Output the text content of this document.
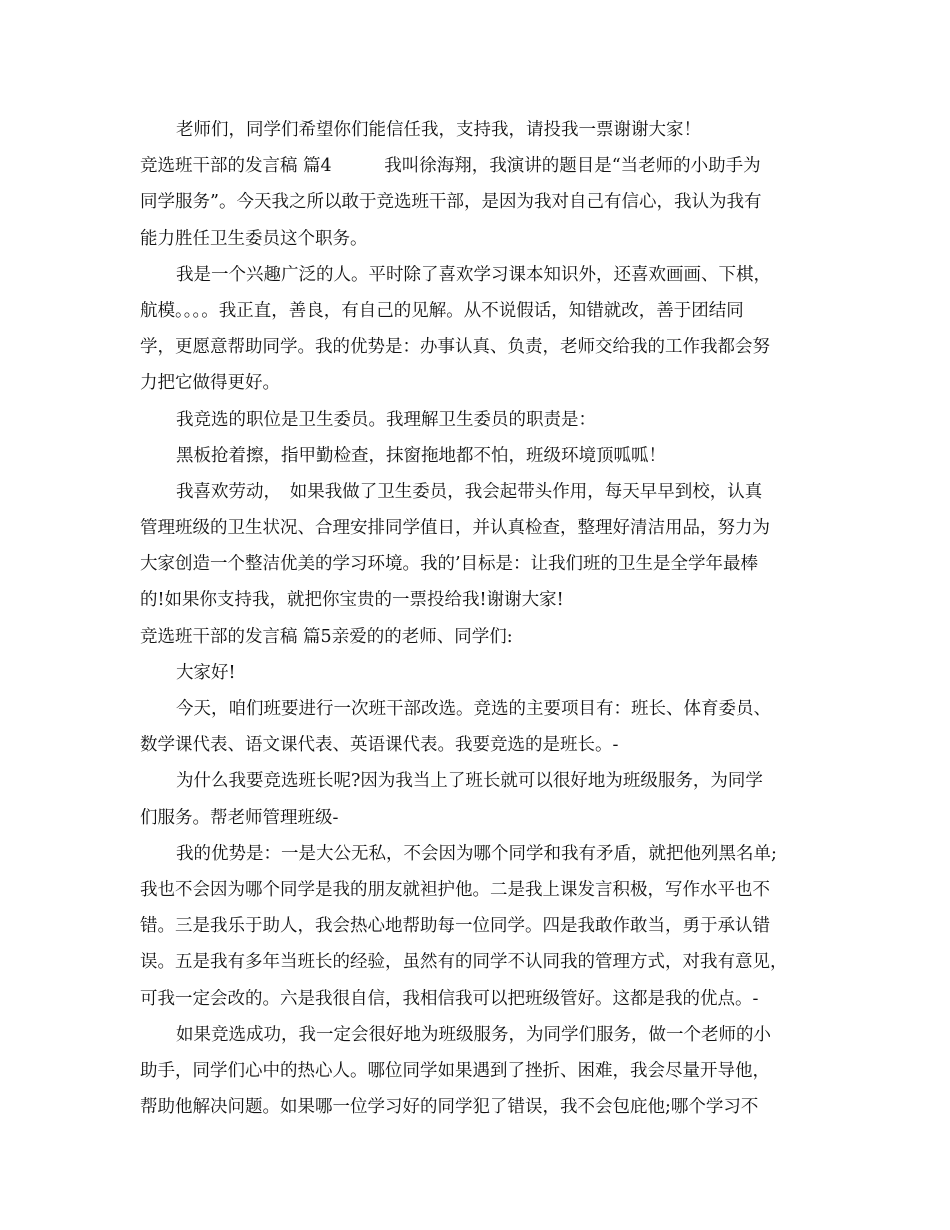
老师们，同学们希望你们能信任我，支持我，请投我一票谢谢大家！
竞选班干部的发言稿 篇4　　　我叫徐海翔，我演讲的题目是“当老师的小助手为
同学服务”。今天我之所以敢于竞选班干部，是因为我对自己有信心，我认为我有
能力胜任卫生委员这个职务。
我是一个兴趣广泛的人。平时除了喜欢学习课本知识外，还喜欢画画、下棋，
航模。。。。我正直，善良，有自己的见解。从不说假话，知错就改，善于团结同
学，更愿意帮助同学。我的优势是：办事认真、负责，老师交给我的工作我都会努
力把它做得更好。
我竞选的职位是卫生委员。我理解卫生委员的职责是：
黑板抢着擦，指甲勤检查，抹窗拖地都不怕，班级环境顶呱呱！
我喜欢劳动，　如果我做了卫生委员，我会起带头作用，每天早早到校，认真
管理班级的卫生状况、合理安排同学值日，并认真检查，整理好清洁用品，努力为
大家创造一个整洁优美的学习环境。我的’目标是：让我们班的卫生是全学年最棒
的!如果你支持我，就把你宝贵的一票投给我!谢谢大家!
竞选班干部的发言稿 篇5亲爱的的老师、同学们:
大家好!
今天，咱们班要进行一次班干部改选。竞选的主要项目有：班长、体育委员、
数学课代表、语文课代表、英语课代表。我要竞选的是班长。-
为什么我要竞选班长呢?因为我当上了班长就可以很好地为班级服务，为同学
们服务。帮老师管理班级-
我的优势是：一是大公无私，不会因为哪个同学和我有矛盾，就把他列黑名单;
我也不会因为哪个同学是我的朋友就袒护他。二是我上课发言积极，写作水平也不
错。三是我乐于助人，我会热心地帮助每一位同学。四是我敢作敢当，勇于承认错
误。五是我有多年当班长的经验，虽然有的同学不认同我的管理方式，对我有意见，
可我一定会改的。六是我很自信，我相信我可以把班级管好。这都是我的优点。-
如果竞选成功，我一定会很好地为班级服务，为同学们服务，做一个老师的小
助手，同学们心中的热心人。哪位同学如果遇到了挫折、困难，我会尽量开导他，
帮助他解决问题。如果哪一位学习好的同学犯了错误，我不会包庇他;哪个学习不
